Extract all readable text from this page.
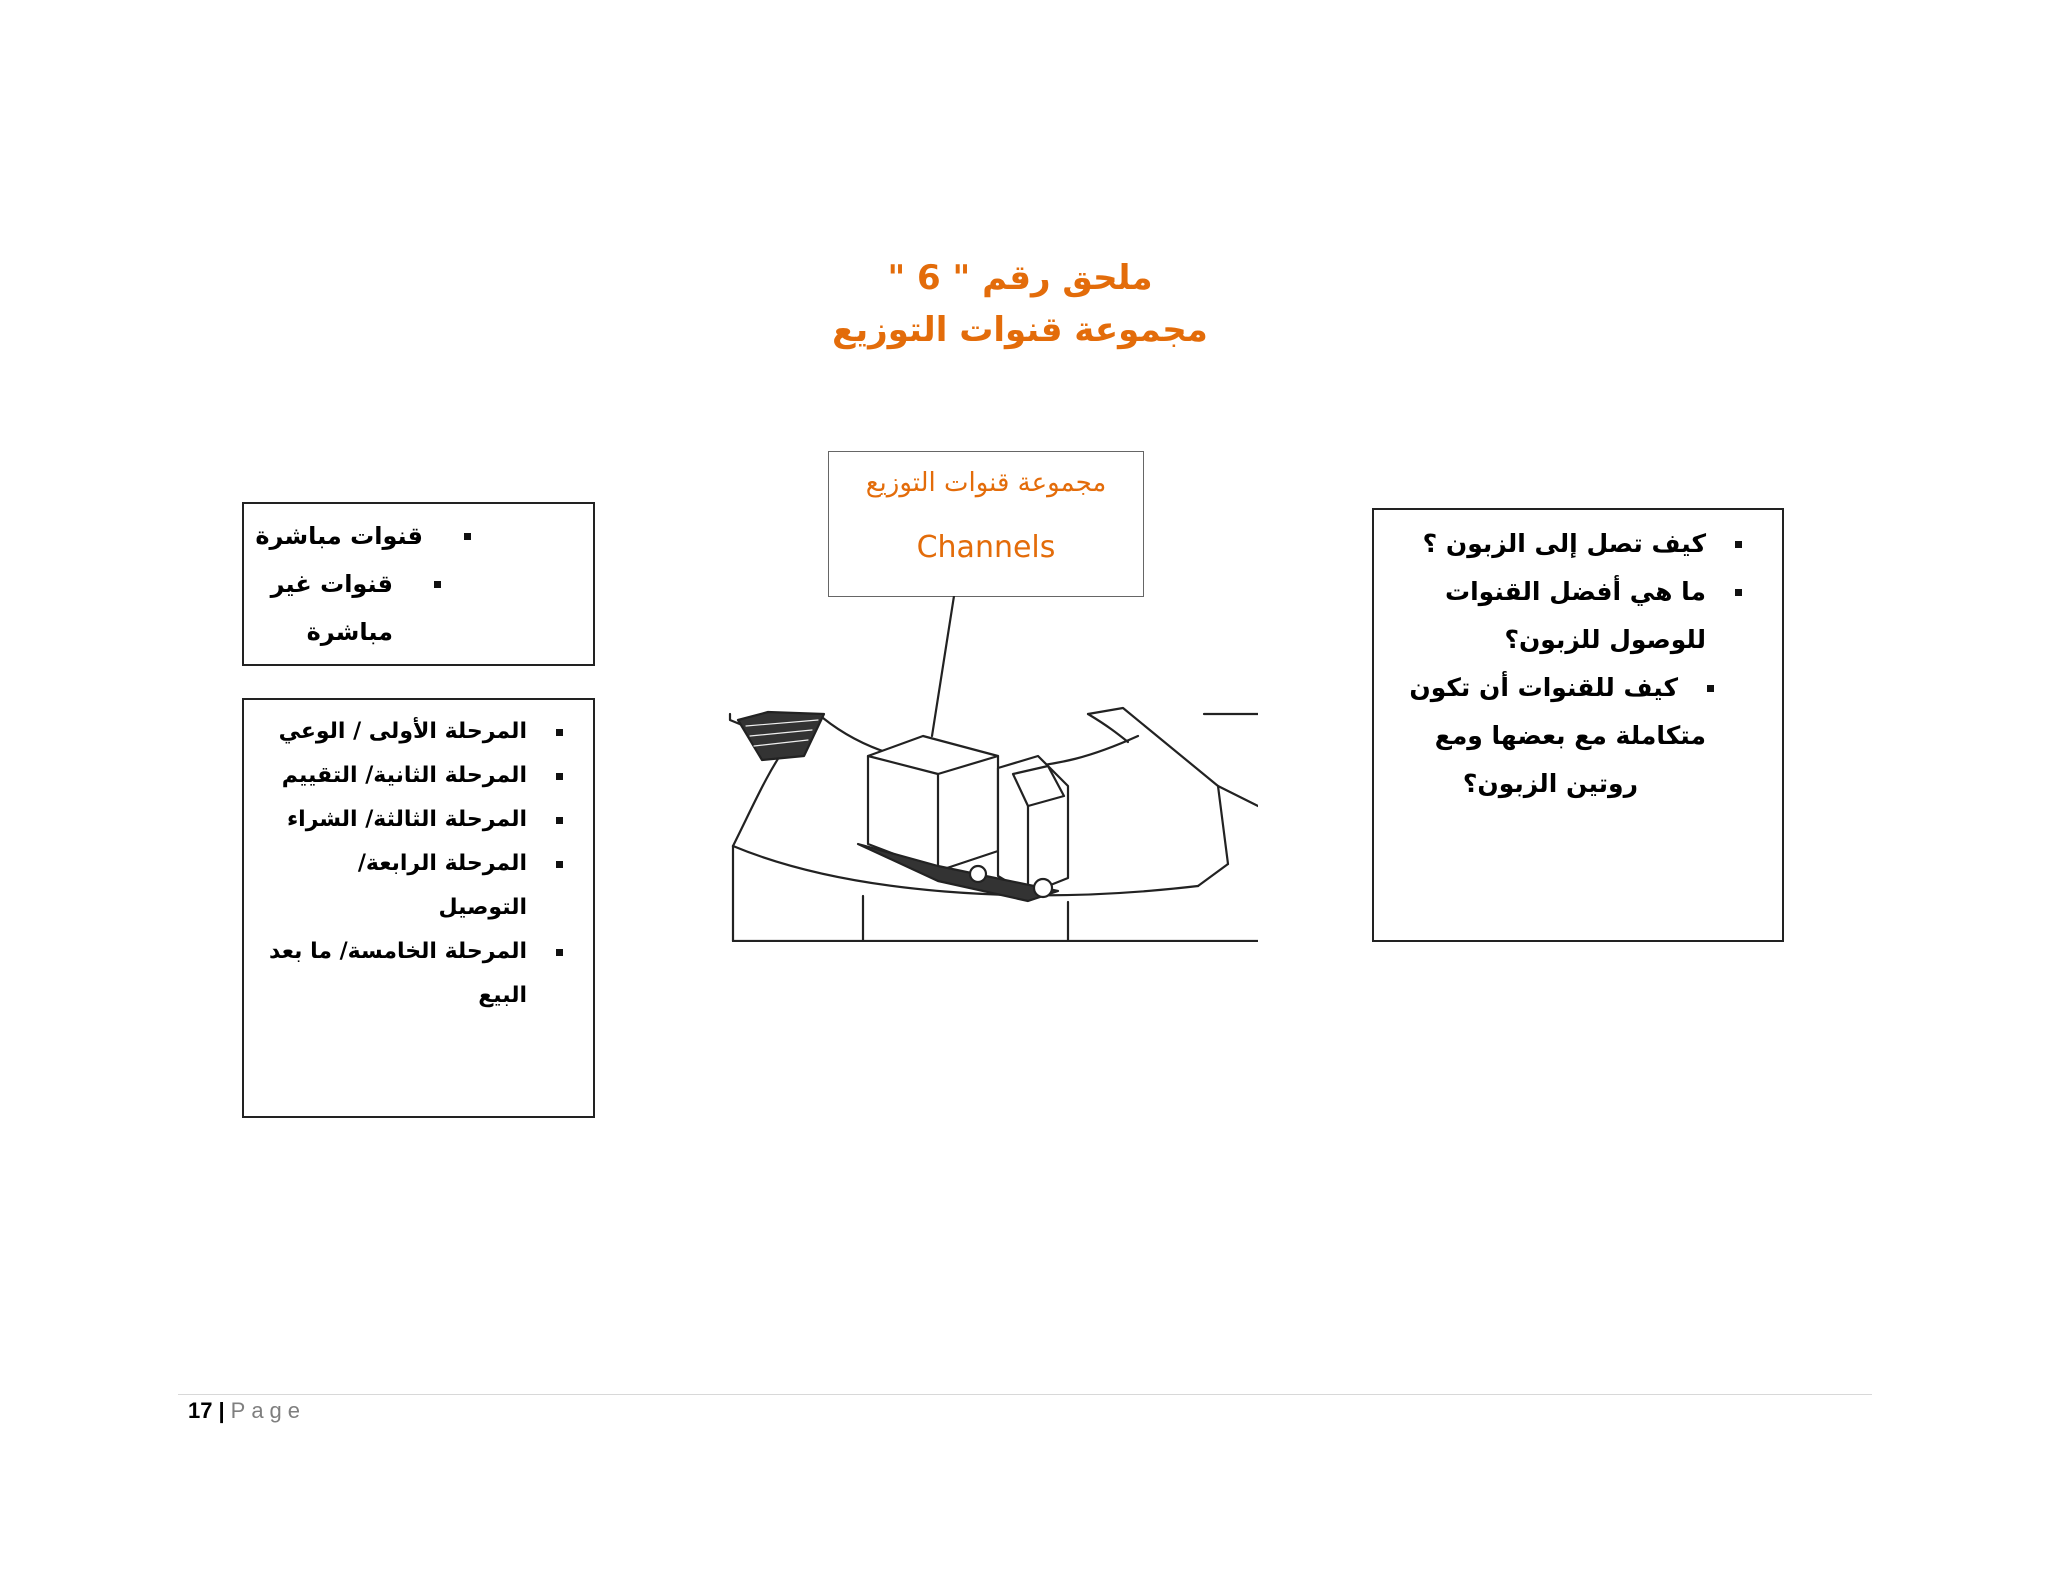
ملحق رقم " 6 "
مجموعة قنوات التوزيع
قنوات مباشرة
قنوات غير مباشرة
المرحلة الأولى / الوعي
المرحلة الثانية/ التقييم
المرحلة الثالثة/ الشراء
المرحلة الرابعة/
التوصيل
المرحلة الخامسة/ ما بعد
البيع
كيف تصل إلى الزبون ؟
ما هي أفضل القنوات
للوصول للزبون؟
كيف للقنوات أن تكون
متكاملة مع بعضها ومع
روتين الزبون؟
مجموعة قنوات التوزيع
Channels
17 | Page
